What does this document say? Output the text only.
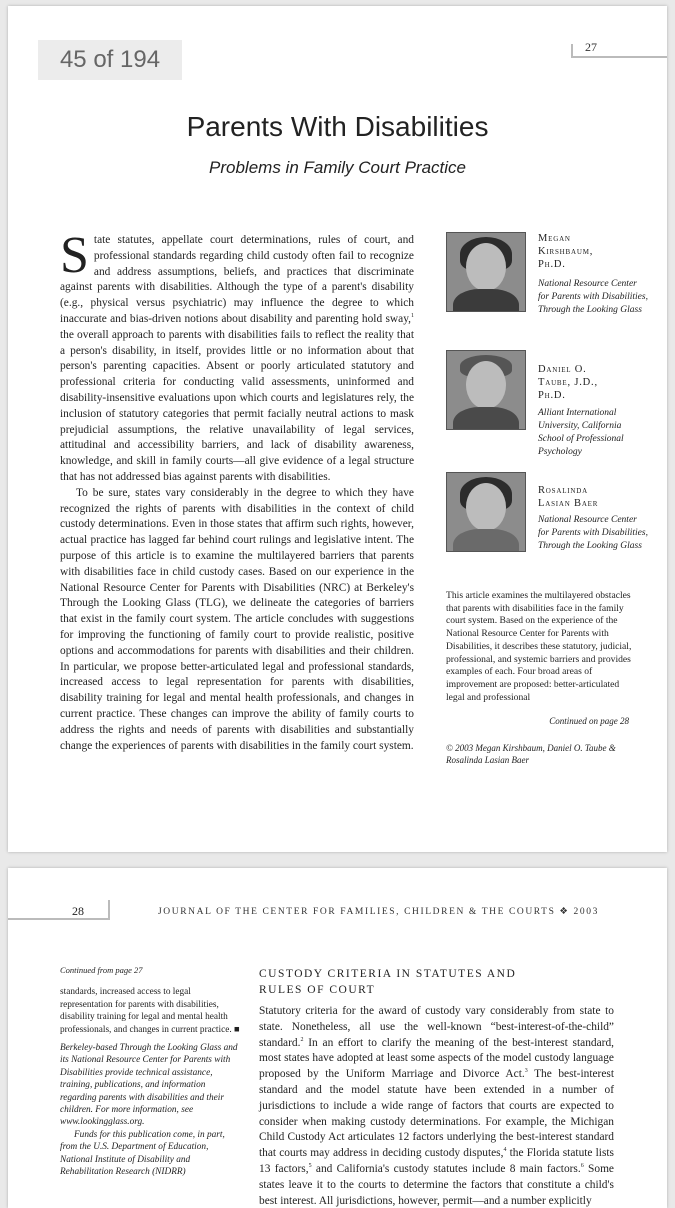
45 of 194	27
Parents With Disabilities
Problems in Family Court Practice

State statutes, appellate court determinations, rules of court, and professional standards regarding child custody often fail to recognize and address assumptions, beliefs, and practices that discriminate against parents with disabilities. Although the type of a parent's disability (e.g., physical versus psychiatric) may influence the degree to which inaccurate and bias-driven notions about disability and parenting hold sway,$^1$ the overall approach to parents with disabilities fails to reflect the reality that a person's disability, in itself, provides little or no information about that person's parenting capacities. Absent or poorly articulated statutory and professional criteria for conducting valid assessments, uninformed and disability-insensitive evaluations upon which courts and legislatures rely, the inclusion of statutory categories that permit facially neutral actions to mask prejudicial assumptions, the relative unavailability of legal services, attitudinal and accessibility barriers, and lack of disability awareness, knowledge, and skill in family courts—all give evidence of a legal structure that has not addressed bias against parents with disabilities.

To be sure, states vary considerably in the degree to which they have recognized the rights of parents with disabilities in the context of child custody determinations. Even in those states that affirm such rights, however, actual practice has lagged far behind court rulings and legislative intent. The purpose of this article is to examine the multilayered barriers that parents with disabilities face in child custody cases. Based on our experience in the National Resource Center for Parents with Disabilities (NRC) at Berkeley's Through the Looking Glass (TLG), we delineate the categories of barriers that exist in the family court system. The article concludes with suggestions for improving the functioning of family court to provide realistic, positive options and accommodations for parents with disabilities and their children. In particular, we propose better-articulated legal and professional standards, increased access to legal representation for parents with disabilities, disability training for legal and mental health professionals, and changes in current practice. These changes can improve the ability of family courts to address the rights and needs of parents with disabilities and substantially change the experiences of parents with disabilities in the family court system.

Megan
Kirshbaum,
Ph.D.
National Resource Center for Parents with Disabilities, Through the Looking Glass
Daniel O.
Taube, J.D.,
Ph.D.
Alliant International University, California School of Professional Psychology
Rosalinda
Lasian Baer
National Resource Center for Parents with Disabilities, Through the Looking Glass
This article examines the multilayered obstacles that parents with disabilities face in the family court system. Based on the experience of the National Resource Center for Parents with Disabilities, it describes these statutory, judicial, professional, and systemic barriers and provides examples of each. Four broad areas of improvement are proposed: better-articulated legal and professional
Continued on page 28
© 2003 Megan Kirshbaum, Daniel O. Taube & Rosalinda Lasian Baer
28	JOURNAL OF THE CENTER FOR FAMILIES, CHILDREN & THE COURTS ❖ 2003
Continued from page 27

standards, increased access to legal representation for parents with disabilities, disability training for legal and mental health professionals, and changes in current practice. ■

Berkeley-based Through the Looking Glass and its National Resource Center for Parents with Disabilities provide technical assistance, training, publications, and information regarding parents with disabilities and their children. For more information, see www.lookingglass.org.

Funds for this publication come, in part, from the U.S. Department of Education, National Institute of Disability and Rehabilitation Research (NIDRR)

CUSTODY CRITERIA IN STATUTES AND RULES OF COURT

Statutory criteria for the award of custody vary considerably from state to state. Nonetheless, all use the well-known “best-interest-of-the-child” standard.$^2$ In an effort to clarify the meaning of the best-interest standard, most states have adopted at least some aspects of the model custody language proposed by the Uniform Marriage and Divorce Act.$^3$ The best-interest standard and the model statute have been extended in a number of jurisdictions to include a wide range of factors that courts are expected to consider when making custody determinations. For example, the Michigan Child Custody Act articulates 12 factors underlying the best-interest standard that courts may address in deciding custody disputes,$^4$ the Florida statute lists 13 factors,$^5$ and California's custody statutes include 8 main factors.$^6$ Some states leave it to the courts to determine the factors that constitute a child's best interest. All jurisdictions, however, permit—and a number explicitly
